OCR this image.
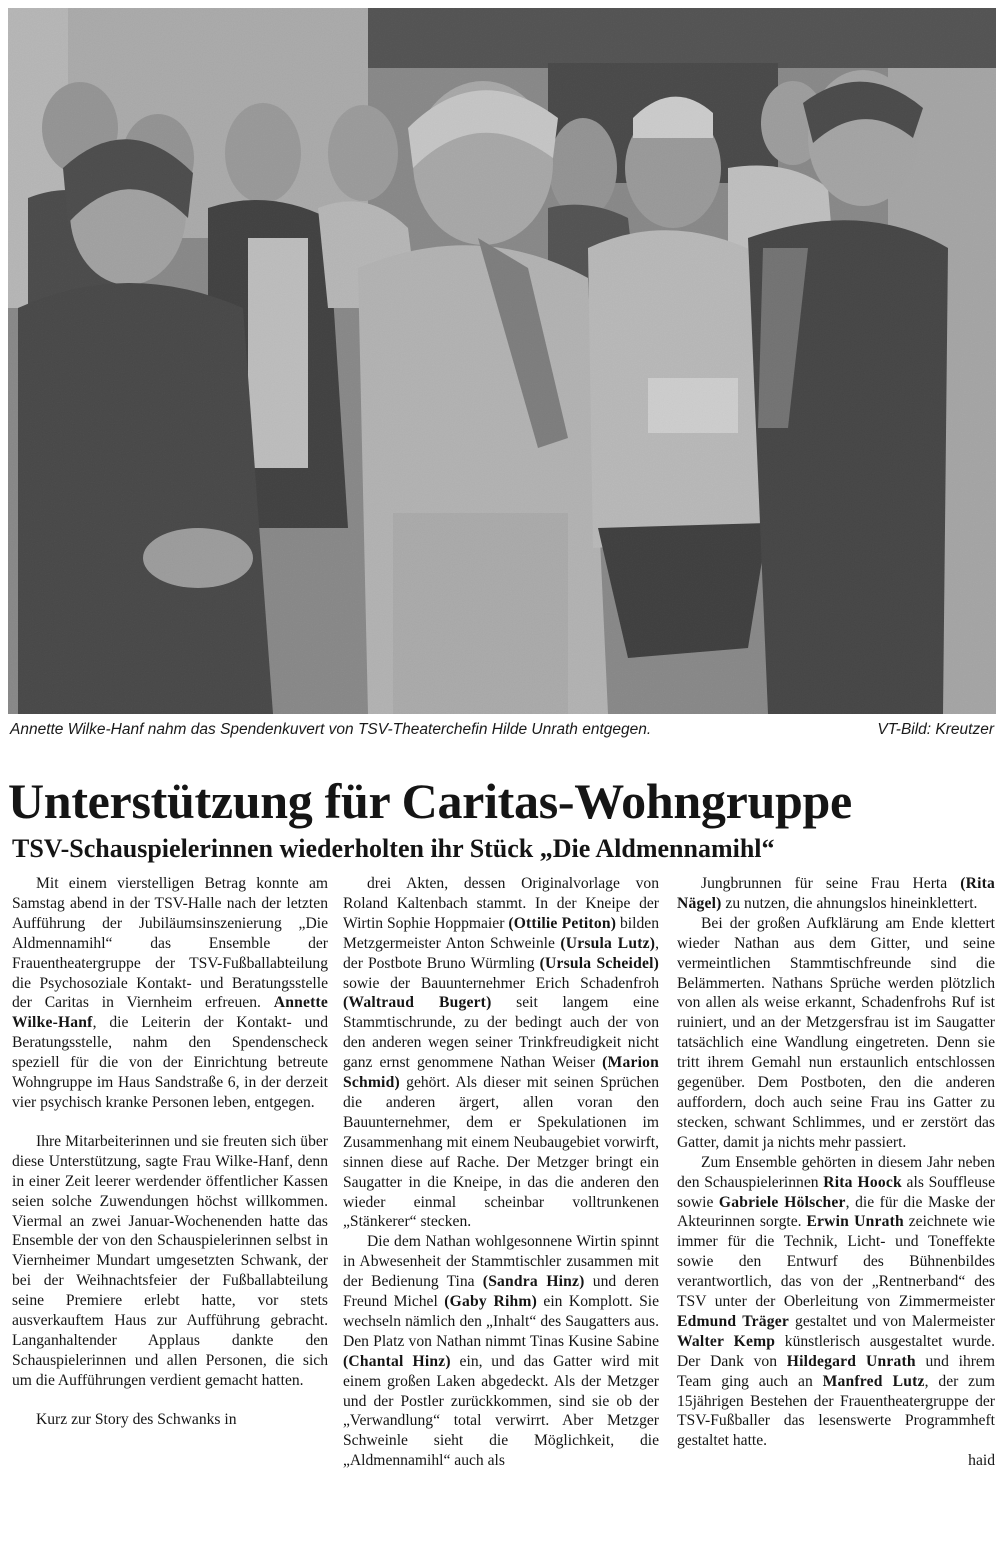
Annette Wilke-Hanf nahm das Spendenkuvert von TSV-Theaterchefin Hilde Unrath entgegen.	VT-Bild: Kreutzer
Unterstützung für Caritas-Wohngruppe
TSV-Schauspielerinnen wiederholten ihr Stück „Die Aldmennamihl“

Mit einem vierstelligen Betrag konnte am Samstag abend in der TSV-Halle nach der letzten Aufführung der Jubiläumsinszenierung „Die Aldmennamihl“ das Ensemble der Frauentheatergruppe der TSV-Fußballabteilung die Psychosoziale Kontakt- und Beratungsstelle der Caritas in Viernheim erfreuen. Annette Wilke-Hanf, die Leiterin der Kontakt- und Beratungsstelle, nahm den Spendenscheck speziell für die von der Einrichtung betreute Wohngruppe im Haus Sandstraße 6, in der derzeit vier psychisch kranke Personen leben, entgegen.

Ihre Mitarbeiterinnen und sie freuten sich über diese Unterstützung, sagte Frau Wilke-Hanf, denn in einer Zeit leerer werdender öffentlicher Kassen seien solche Zuwendungen höchst willkommen. Viermal an zwei Januar-Wochenenden hatte das Ensemble der von den Schauspielerinnen selbst in Viernheimer Mundart umgesetzten Schwank, der bei der Weihnachtsfeier der Fußballabteilung seine Premiere erlebt hatte, vor stets ausverkauftem Haus zur Aufführung gebracht. Langanhaltender Applaus dankte den Schauspielerinnen und allen Personen, die sich um die Aufführungen verdient gemacht hatten.

Kurz zur Story des Schwanks in

drei Akten, dessen Originalvorlage von Roland Kaltenbach stammt. In der Kneipe der Wirtin Sophie Hoppmaier (Ottilie Petiton) bilden Metzgermeister Anton Schweinle (Ursula Lutz), der Postbote Bruno Würmling (Ursula Scheidel) sowie der Bauunternehmer Erich Schadenfroh (Waltraud Bugert) seit langem eine Stammtischrunde, zu der bedingt auch der von den anderen wegen seiner Trinkfreudigkeit nicht ganz ernst genommene Nathan Weiser (Marion Schmid) gehört. Als dieser mit seinen Sprüchen die anderen ärgert, allen voran den Bauunternehmer, dem er Spekulationen im Zusammenhang mit einem Neubaugebiet vorwirft, sinnen diese auf Rache. Der Metzger bringt ein Saugatter in die Kneipe, in das die anderen den wieder einmal scheinbar volltrunkenen „Stänkerer“ stecken.

Die dem Nathan wohlgesonnene Wirtin spinnt in Abwesenheit der Stammtischler zusammen mit der Bedienung Tina (Sandra Hinz) und deren Freund Michel (Gaby Rihm) ein Komplott. Sie wechseln nämlich den „Inhalt“ des Saugatters aus. Den Platz von Nathan nimmt Tinas Kusine Sabine (Chantal Hinz) ein, und das Gatter wird mit einem großen Laken abgedeckt. Als der Metzger und der Postler zurückkommen, sind sie ob der „Verwandlung“ total verwirrt. Aber Metzger Schweinle sieht die Möglichkeit, die „Aldmennamihl“ auch als

Jungbrunnen für seine Frau Herta (Rita Nägel) zu nutzen, die ahnungslos hineinklettert.

Bei der großen Aufklärung am Ende klettert wieder Nathan aus dem Gitter, und seine vermeintlichen Stammtischfreunde sind die Belämmerten. Nathans Sprüche werden plötzlich von allen als weise erkannt, Schadenfrohs Ruf ist ruiniert, und an der Metzgersfrau ist im Saugatter tatsächlich eine Wandlung eingetreten. Denn sie tritt ihrem Gemahl nun erstaunlich entschlossen gegenüber. Dem Postboten, den die anderen auffordern, doch auch seine Frau ins Gatter zu stecken, schwant Schlimmes, und er zerstört das Gatter, damit ja nichts mehr passiert.

Zum Ensemble gehörten in diesem Jahr neben den Schauspielerinnen Rita Hoock als Souffleuse sowie Gabriele Hölscher, die für die Maske der Akteurinnen sorgte. Erwin Unrath zeichnete wie immer für die Technik, Licht- und Toneffekte sowie den Entwurf des Bühnenbildes verantwortlich, das von der „Rentnerband“ des TSV unter der Oberleitung von Zimmermeister Edmund Träger gestaltet und von Malermeister Walter Kemp künstlerisch ausgestaltet wurde. Der Dank von Hildegard Unrath und ihrem Team ging auch an Manfred Lutz, der zum 15jährigen Bestehen der Frauentheatergruppe der TSV-Fußballer das lesenswerte Programmheft gestaltet hatte.

haid
